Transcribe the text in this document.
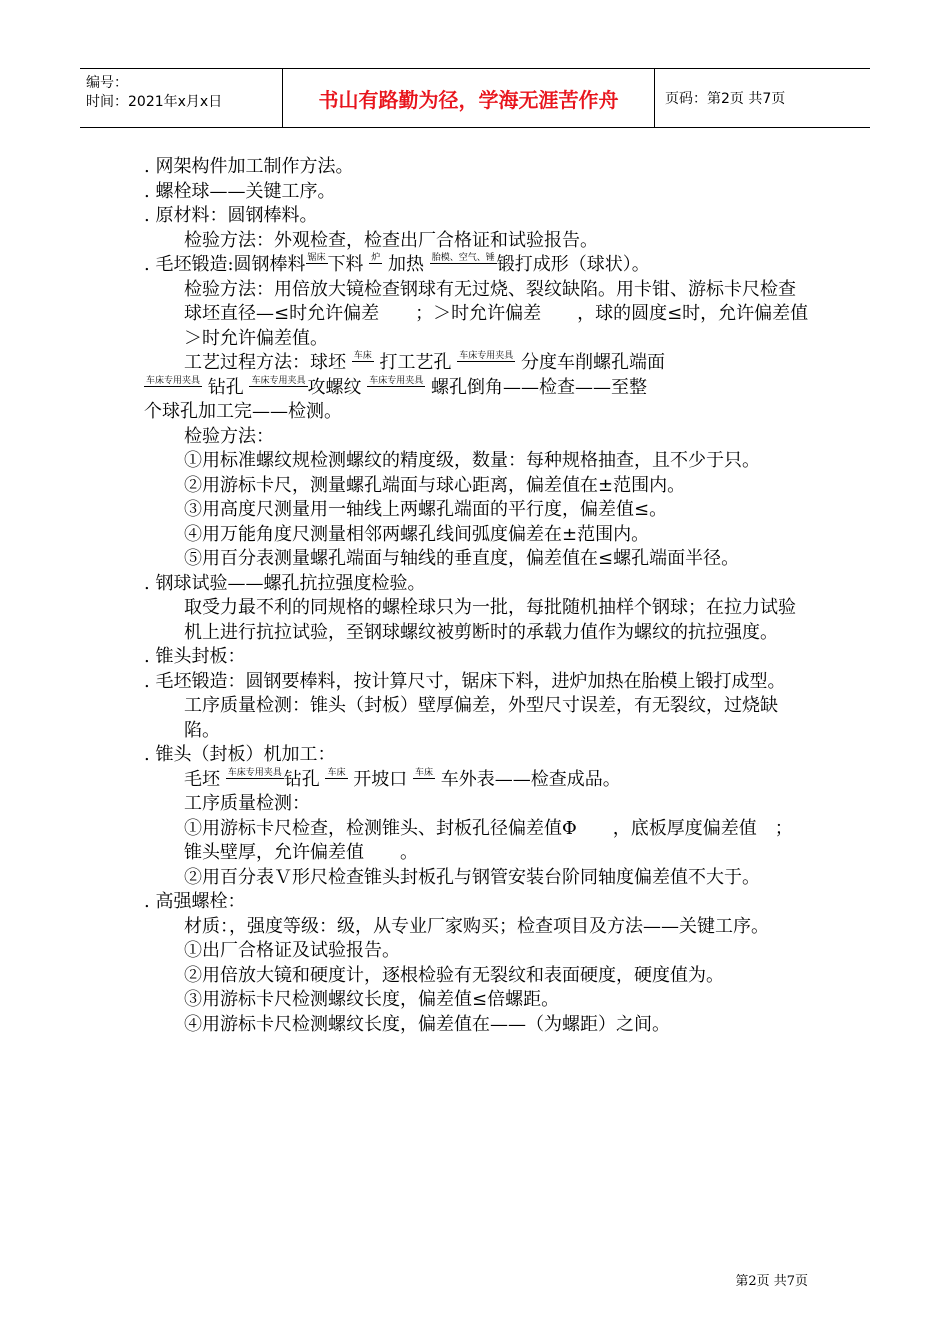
编号：
时间：2021年x月x日	书山有路勤为径，学海无涯苦作舟	页码：第2页 共7页

. 网架构件加工制作方法。

. 螺栓球——关键工序。

. 原材料：圆钢棒料。

检验方法：外观检查，检查出厂合格证和试验报告。

. 毛坯锻造:圆钢棒料 锯床 下料 炉 加热 胎模、空气、锤 锻打成形（球状）。

检验方法：用倍放大镜检查钢球有无过烧、裂纹缺陷。用卡钳、游标卡尺检查球坯直径—≤时允许偏差　　；＞时允许偏差　　，球的圆度≤时，允许偏差值＞时允许偏差值。

工艺过程方法：球坯 车床 打工艺孔 车床专用夹具 分度车削螺孔端面

车床专用夹具 钻孔 车床专用夹具 攻螺纹 车床专用夹具 螺孔倒角——检查——至整

个球孔加工完——检测。

检验方法：

①用标准螺纹规检测螺纹的精度级，数量：每种规格抽查，且不少于只。

②用游标卡尺，测量螺孔端面与球心距离，偏差值在±范围内。

③用高度尺测量用一轴线上两螺孔端面的平行度，偏差值≤。

④用万能角度尺测量相邻两螺孔线间弧度偏差在±范围内。

⑤用百分表测量螺孔端面与轴线的垂直度，偏差值在≤螺孔端面半径。

. 钢球试验——螺孔抗拉强度检验。

取受力最不利的同规格的螺栓球只为一批，每批随机抽样个钢球；在拉力试验机上进行抗拉试验，至钢球螺纹被剪断时的承载力值作为螺纹的抗拉强度。

. 锥头封板：

. 毛坯锻造：圆钢要棒料，按计算尺寸，锯床下料，进炉加热在胎模上锻打成型。

工序质量检测：锥头（封板）壁厚偏差，外型尺寸误差，有无裂纹，过烧缺陷。

. 锥头（封板）机加工：

毛坯 车床专用夹具 钻孔 车床 开坡口 车床 车外表——检查成品。

工序质量检测：

①用游标卡尺检查，检测锥头、封板孔径偏差值Φ　　，底板厚度偏差值　；　锥头壁厚，允许偏差值　　。

②用百分表Ｖ形尺检查锥头封板孔与钢管安装台阶同轴度偏差值不大于。

. 高强螺栓：

材质：，强度等级：级，从专业厂家购买；检查项目及方法——关键工序。

①出厂合格证及试验报告。

②用倍放大镜和硬度计，逐根检验有无裂纹和表面硬度，硬度值为。

③用游标卡尺检测螺纹长度，偏差值≤倍螺距。

④用游标卡尺检测螺纹长度，偏差值在——（为螺距）之间。

第2页 共7页
